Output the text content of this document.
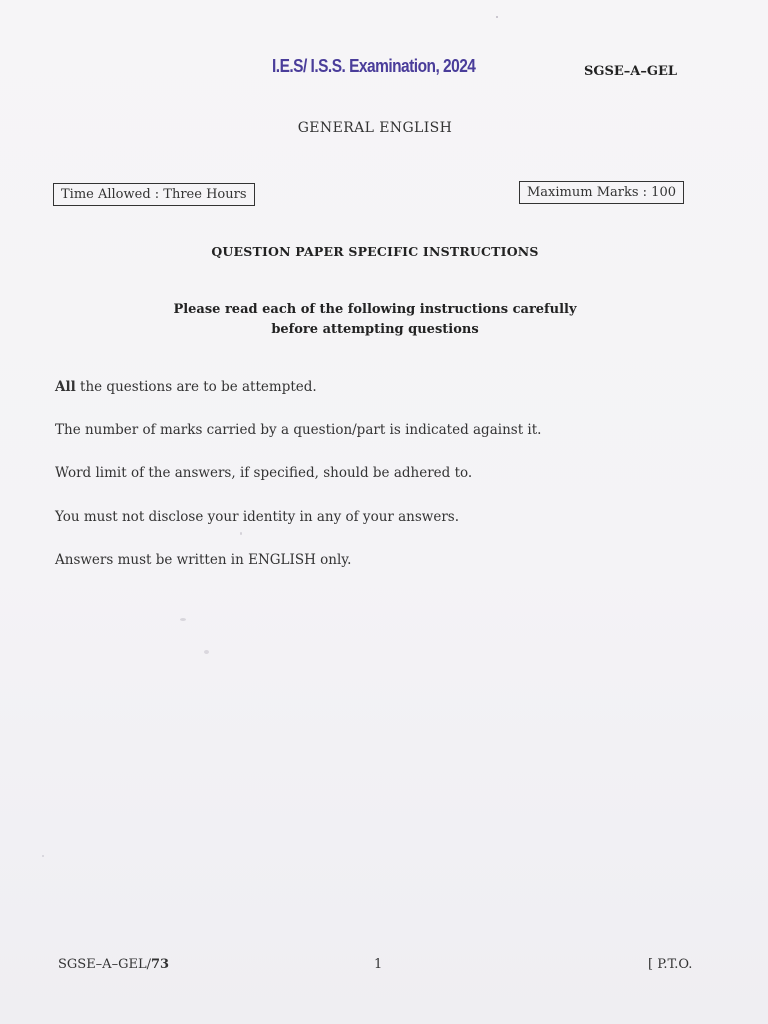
I.E.S/ I.S.S. Examination, 2024	SGSE–A–GEL
GENERAL ENGLISH
Time Allowed : Three Hours	Maximum Marks : 100
QUESTION PAPER SPECIFIC INSTRUCTIONS
Please read each of the following instructions carefully
before attempting questions
All the questions are to be attempted.
The number of marks carried by a question/part is indicated against it.
Word limit of the answers, if specified, should be adhered to.
You must not disclose your identity in any of your answers.
Answers must be written in ENGLISH only.
SGSE–A–GEL/73	1	[ P.T.O.
